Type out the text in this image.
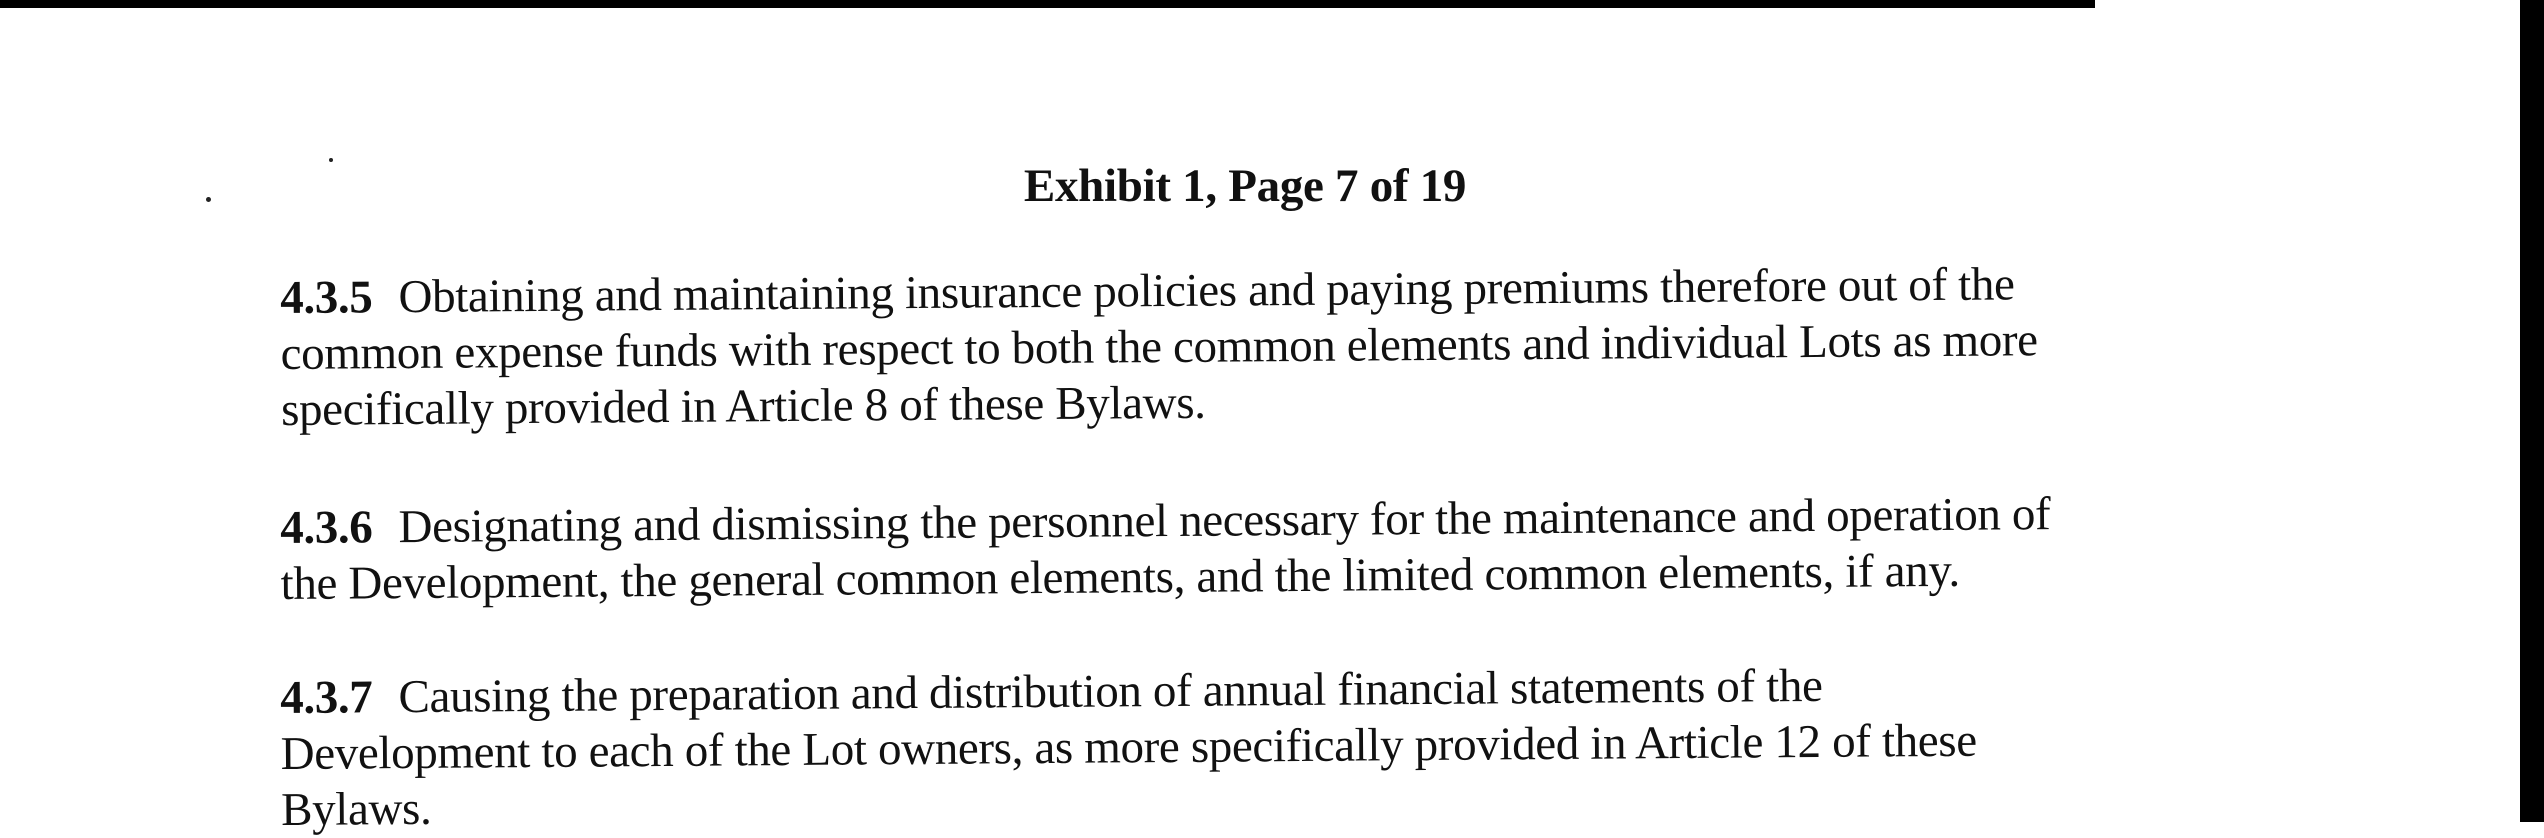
Exhibit 1, Page 7 of 19
4.3.5 Obtaining and maintaining insurance policies and paying premiums therefore out of the
common expense funds with respect to both the common elements and individual Lots as more
specifically provided in Article 8 of these Bylaws.
4.3.6 Designating and dismissing the personnel necessary for the maintenance and operation of
the Development, the general common elements, and the limited common elements, if any.
4.3.7 Causing the preparation and distribution of annual financial statements of the
Development to each of the Lot owners, as more specifically provided in Article 12 of these
Bylaws.
